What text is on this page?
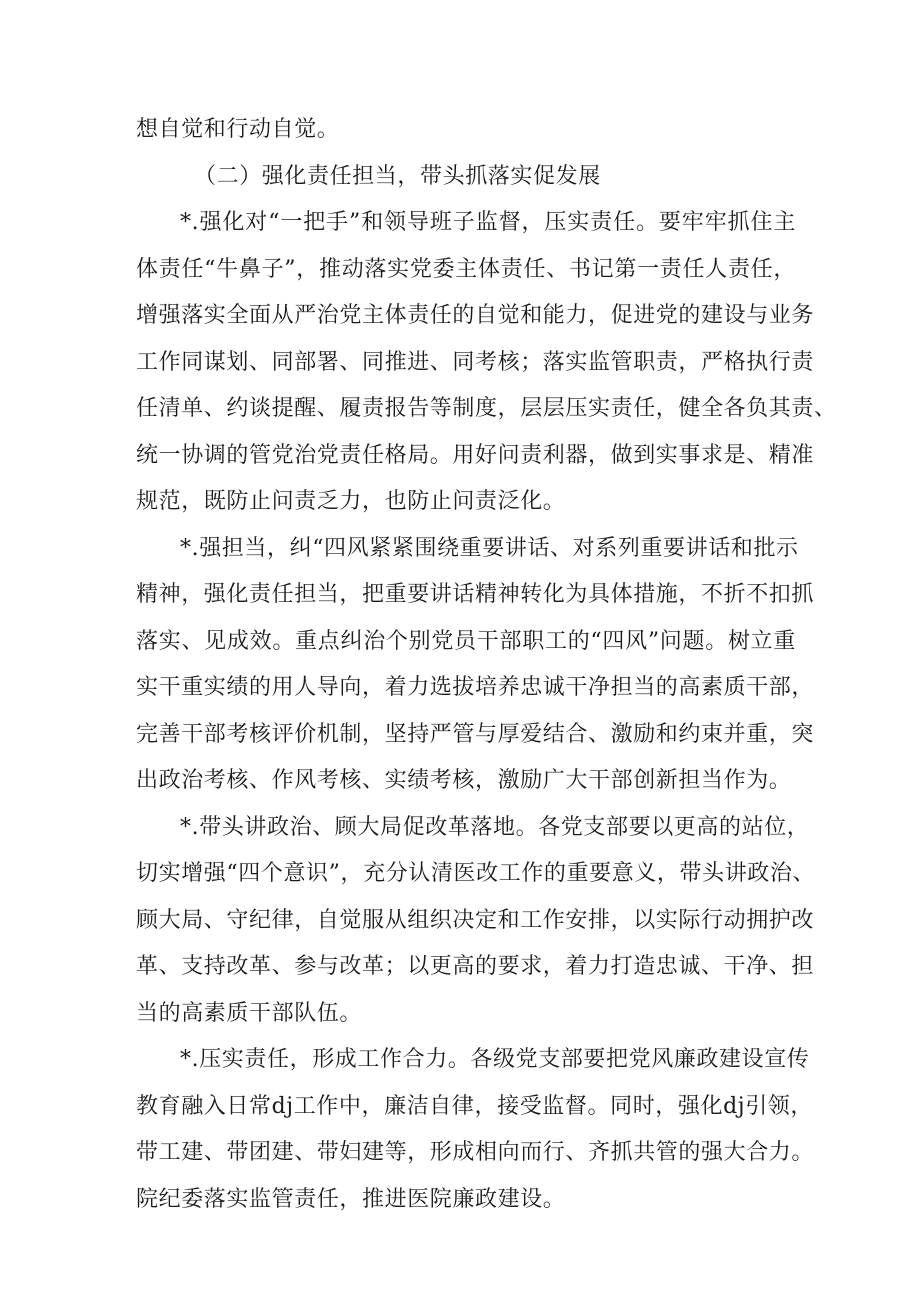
想自觉和行动自觉。
（二）强化责任担当，带头抓落实促发展
*.强化对“一把手”和领导班子监督，压实责任。要牢牢抓住主
体责任“牛鼻子”，推动落实党委主体责任、书记第一责任人责任，
增强落实全面从严治党主体责任的自觉和能力，促进党的建设与业务
工作同谋划、同部署、同推进、同考核；落实监管职责，严格执行责
任清单、约谈提醒、履责报告等制度，层层压实责任，健全各负其责、
统一协调的管党治党责任格局。用好问责利器，做到实事求是、精准
规范，既防止问责乏力，也防止问责泛化。
*.强担当，纠“四风紧紧围绕重要讲话、对系列重要讲话和批示
精神，强化责任担当，把重要讲话精神转化为具体措施，不折不扣抓
落实、见成效。重点纠治个别党员干部职工的“四风”问题。树立重
实干重实绩的用人导向，着力选拔培养忠诚干净担当的高素质干部，
完善干部考核评价机制，坚持严管与厚爱结合、激励和约束并重，突
出政治考核、作风考核、实绩考核，激励广大干部创新担当作为。
*.带头讲政治、顾大局促改革落地。各党支部要以更高的站位，
切实增强“四个意识”，充分认清医改工作的重要意义，带头讲政治、
顾大局、守纪律，自觉服从组织决定和工作安排，以实际行动拥护改
革、支持改革、参与改革；以更高的要求，着力打造忠诚、干净、担
当的高素质干部队伍。
*.压实责任，形成工作合力。各级党支部要把党风廉政建设宣传
教育融入日常dj工作中，廉洁自律，接受监督。同时，强化dj引领，
带工建、带团建、带妇建等，形成相向而行、齐抓共管的强大合力。
院纪委落实监管责任，推进医院廉政建设。
